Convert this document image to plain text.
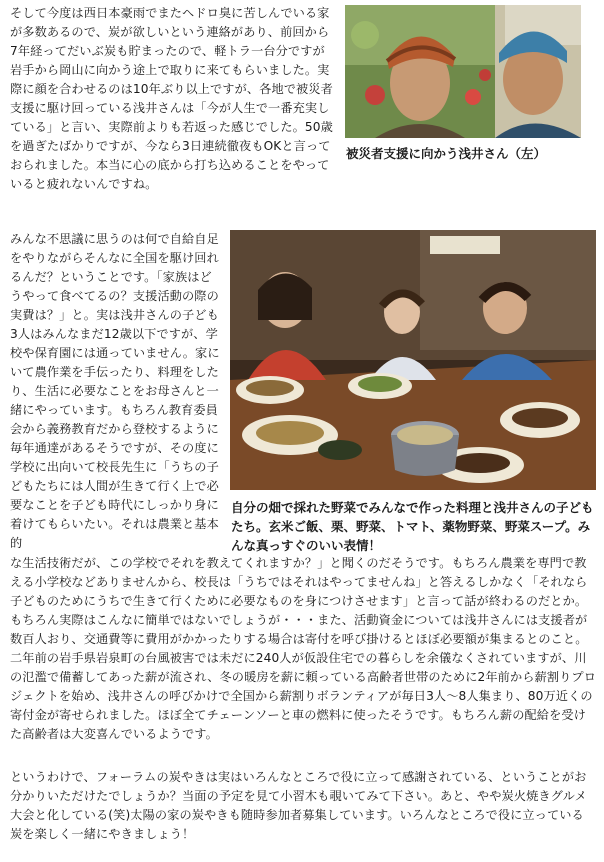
そして今度は西日本豪雨でまたヘドロ臭に苦しんでいる家が多数あるので、炭が欲しいという連絡があり、前回から7年経ってだいぶ炭も貯まったので、軽トラ一台分ですが岩手から岡山に向かう途上で取りに来てもらいました。実際に顔を合わせるのは10年ぶり以上ですが、各地で被災者支援に駆け回っている浅井さんは「今が人生で一番充実している」と言い、実際前よりも若返った感じでした。50歳を過ぎたばかりですが、今なら3日連続徹夜もOKと言っておられました。本当に心の底から打ち込めることをやっていると疲れないんですね。

被災者支援に向かう浅井さん（左）

みんな不思議に思うのは何で自給自足をやりながらそんなに全国を駆け回れるんだ？ということです。「家族はどうやって食べてるの？支援活動の際の実費は？」と。実は浅井さんの子ども3人はみんなまだ12歳以下ですが、学校や保育園には通っていません。家にいて農作業を手伝ったり、料理をしたり、生活に必要なことをお母さんと一緒にやっています。もちろん教育委員会から義務教育だから登校するように毎年通達があるそうですが、その度に学校に出向いて校長先生に「うちの子どもたちには人間が生きて行く上で必要なことを子ども時代にしっかり身に着けてもらいたい。それは農業と基本的

自分の畑で採れた野菜でみんなで作った料理と浅井さんの子どもたち。玄米ご飯、栗、野菜、トマト、薬物野菜、野菜スープ。みんな真っすぐのいい表情！

な生活技術だが、この学校でそれを教えてくれますか？」と聞くのだそうです。もちろん農業を専門で教える小学校などありませんから、校長は「うちではそれはやってませんね」と答えるしかなく「それなら子どものためにうちで生きて行くために必要なものを身につけさせます」と言って話が終わるのだとか。もちろん実際はこんなに簡単ではないでしょうが・・・また、活動資金については浅井さんには支援者が数百人おり、交通費等に費用がかかったりする場合は寄付を呼び掛けるとほぼ必要額が集まるとのこと。二年前の岩手県岩泉町の台風被害では未だに240人が仮設住宅での暮らしを余儀なくされていますが、川の氾濫で備蓄してあった薪が流され、冬の暖房を薪に頼っている高齢者世帯のために2年前から薪割りプロジェクトを始め、浅井さんの呼びかけで全国から薪割りボランティアが毎日3人〜8人集まり、80万近くの寄付金が寄せられました。ほぼ全てチェーンソーと車の燃料に使ったそうです。もちろん薪の配給を受けた高齢者は大変喜んでいるようです。

というわけで、フォーラムの炭やきは実はいろんなところで役に立って感謝されている、ということがお分かりいただけたでしょうか？当面の予定を見て小習木も覗いてみて下さい。あと、やや炭火焼きグルメ大会と化している(笑)太陽の家の炭やきも随時参加者募集しています。いろんなところで役に立っている炭を楽しく一緒にやきましょう！
